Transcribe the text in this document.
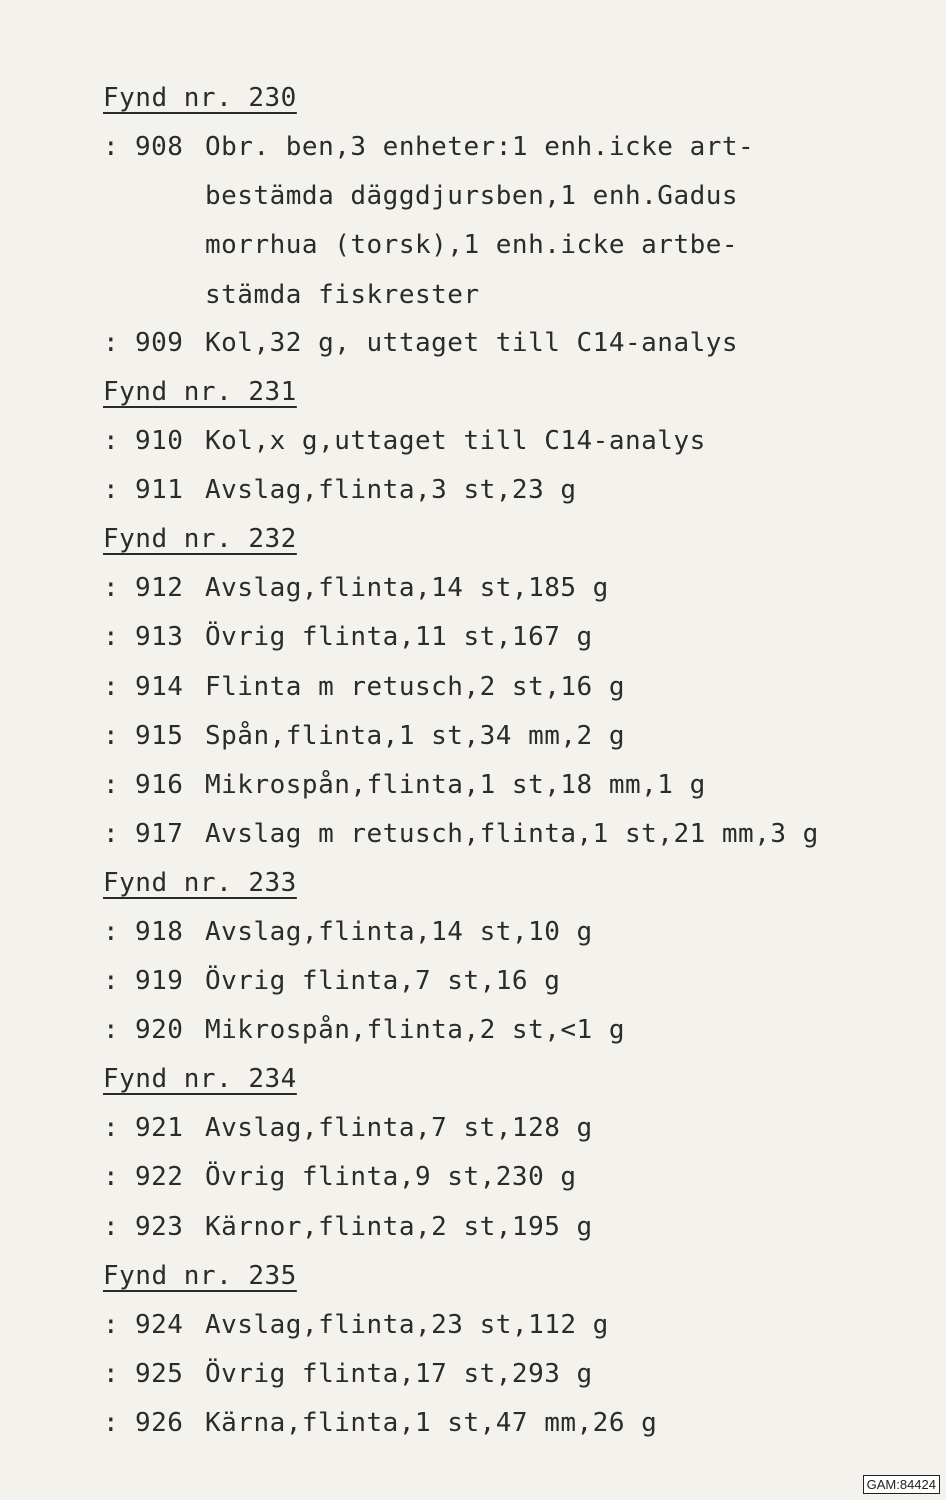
Fynd nr. 230
: 908 Obr. ben,3 enheter:1 enh.icke art-
bestämda däggdjursben,1 enh.Gadus
morrhua (torsk),1 enh.icke artbe-
stämda fiskrester
: 909 Kol,32 g, uttaget till C14-analys
Fynd nr. 231
: 910 Kol,x g,uttaget till C14-analys
: 911 Avslag,flinta,3 st,23 g
Fynd nr. 232
: 912 Avslag,flinta,14 st,185 g
: 913 Övrig flinta,11 st,167 g
: 914 Flinta m retusch,2 st,16 g
: 915 Spån,flinta,1 st,34 mm,2 g
: 916 Mikrospån,flinta,1 st,18 mm,1 g
: 917 Avslag m retusch,flinta,1 st,21 mm,3 g
Fynd nr. 233
: 918 Avslag,flinta,14 st,10 g
: 919 Övrig flinta,7 st,16 g
: 920 Mikrospån,flinta,2 st,<1 g
Fynd nr. 234
: 921 Avslag,flinta,7 st,128 g
: 922 Övrig flinta,9 st,230 g
: 923 Kärnor,flinta,2 st,195 g
Fynd nr. 235
: 924 Avslag,flinta,23 st,112 g
: 925 Övrig flinta,17 st,293 g
: 926 Kärna,flinta,1 st,47 mm,26 g
GAM:84424
